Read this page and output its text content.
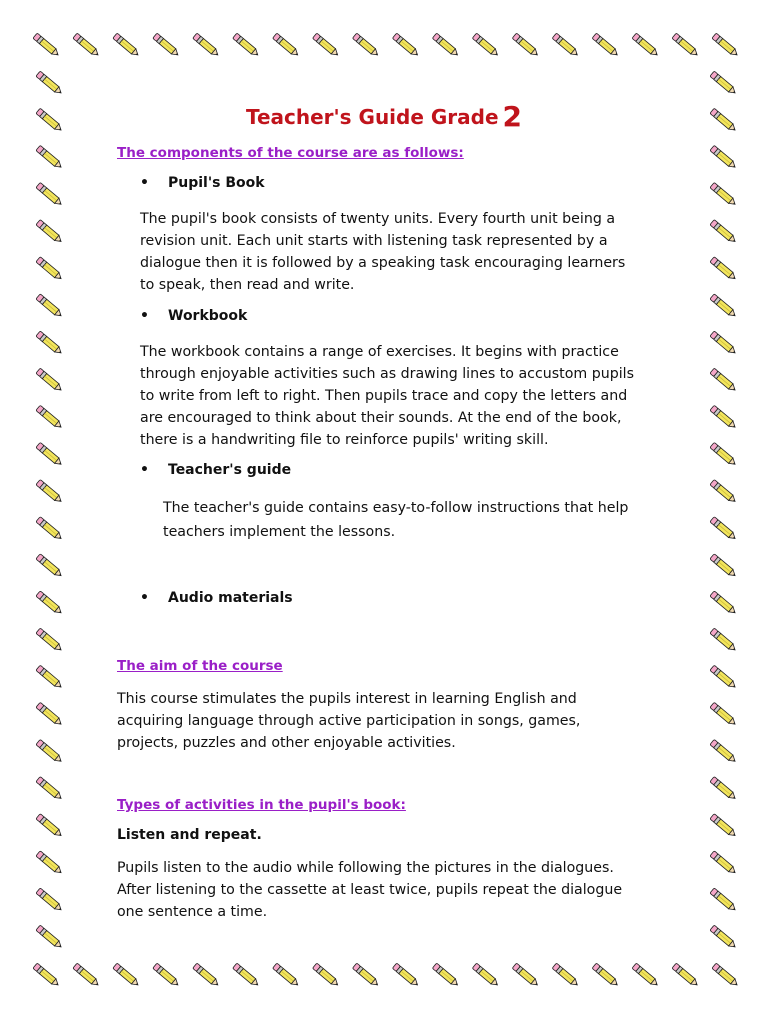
Teacher's Guide Grade 2
The components of the course are as follows:
• Pupil's Book
The pupil's book consists of twenty units. Every fourth unit being a
revision unit. Each unit starts with listening task represented by a
dialogue then it is followed by a speaking task encouraging learners
to speak, then read and write.
• Workbook
The workbook contains a range of exercises. It begins with practice
through enjoyable activities such as drawing lines to accustom pupils
to write from left to right. Then pupils trace and copy the letters and
are encouraged to think about their sounds. At the end of the book,
there is a handwriting file to reinforce pupils' writing skill.
• Teacher's guide
The teacher's guide contains easy-to-follow instructions that help
teachers implement the lessons.
• Audio materials
The aim of the course
This course stimulates the pupils interest in learning English and
acquiring language through active participation in songs, games,
projects, puzzles and other enjoyable activities.
Types of activities in the pupil's book:
Listen and repeat.
Pupils listen to the audio while following the pictures in the dialogues.
After listening to the cassette at least twice, pupils repeat the dialogue
one sentence a time.
